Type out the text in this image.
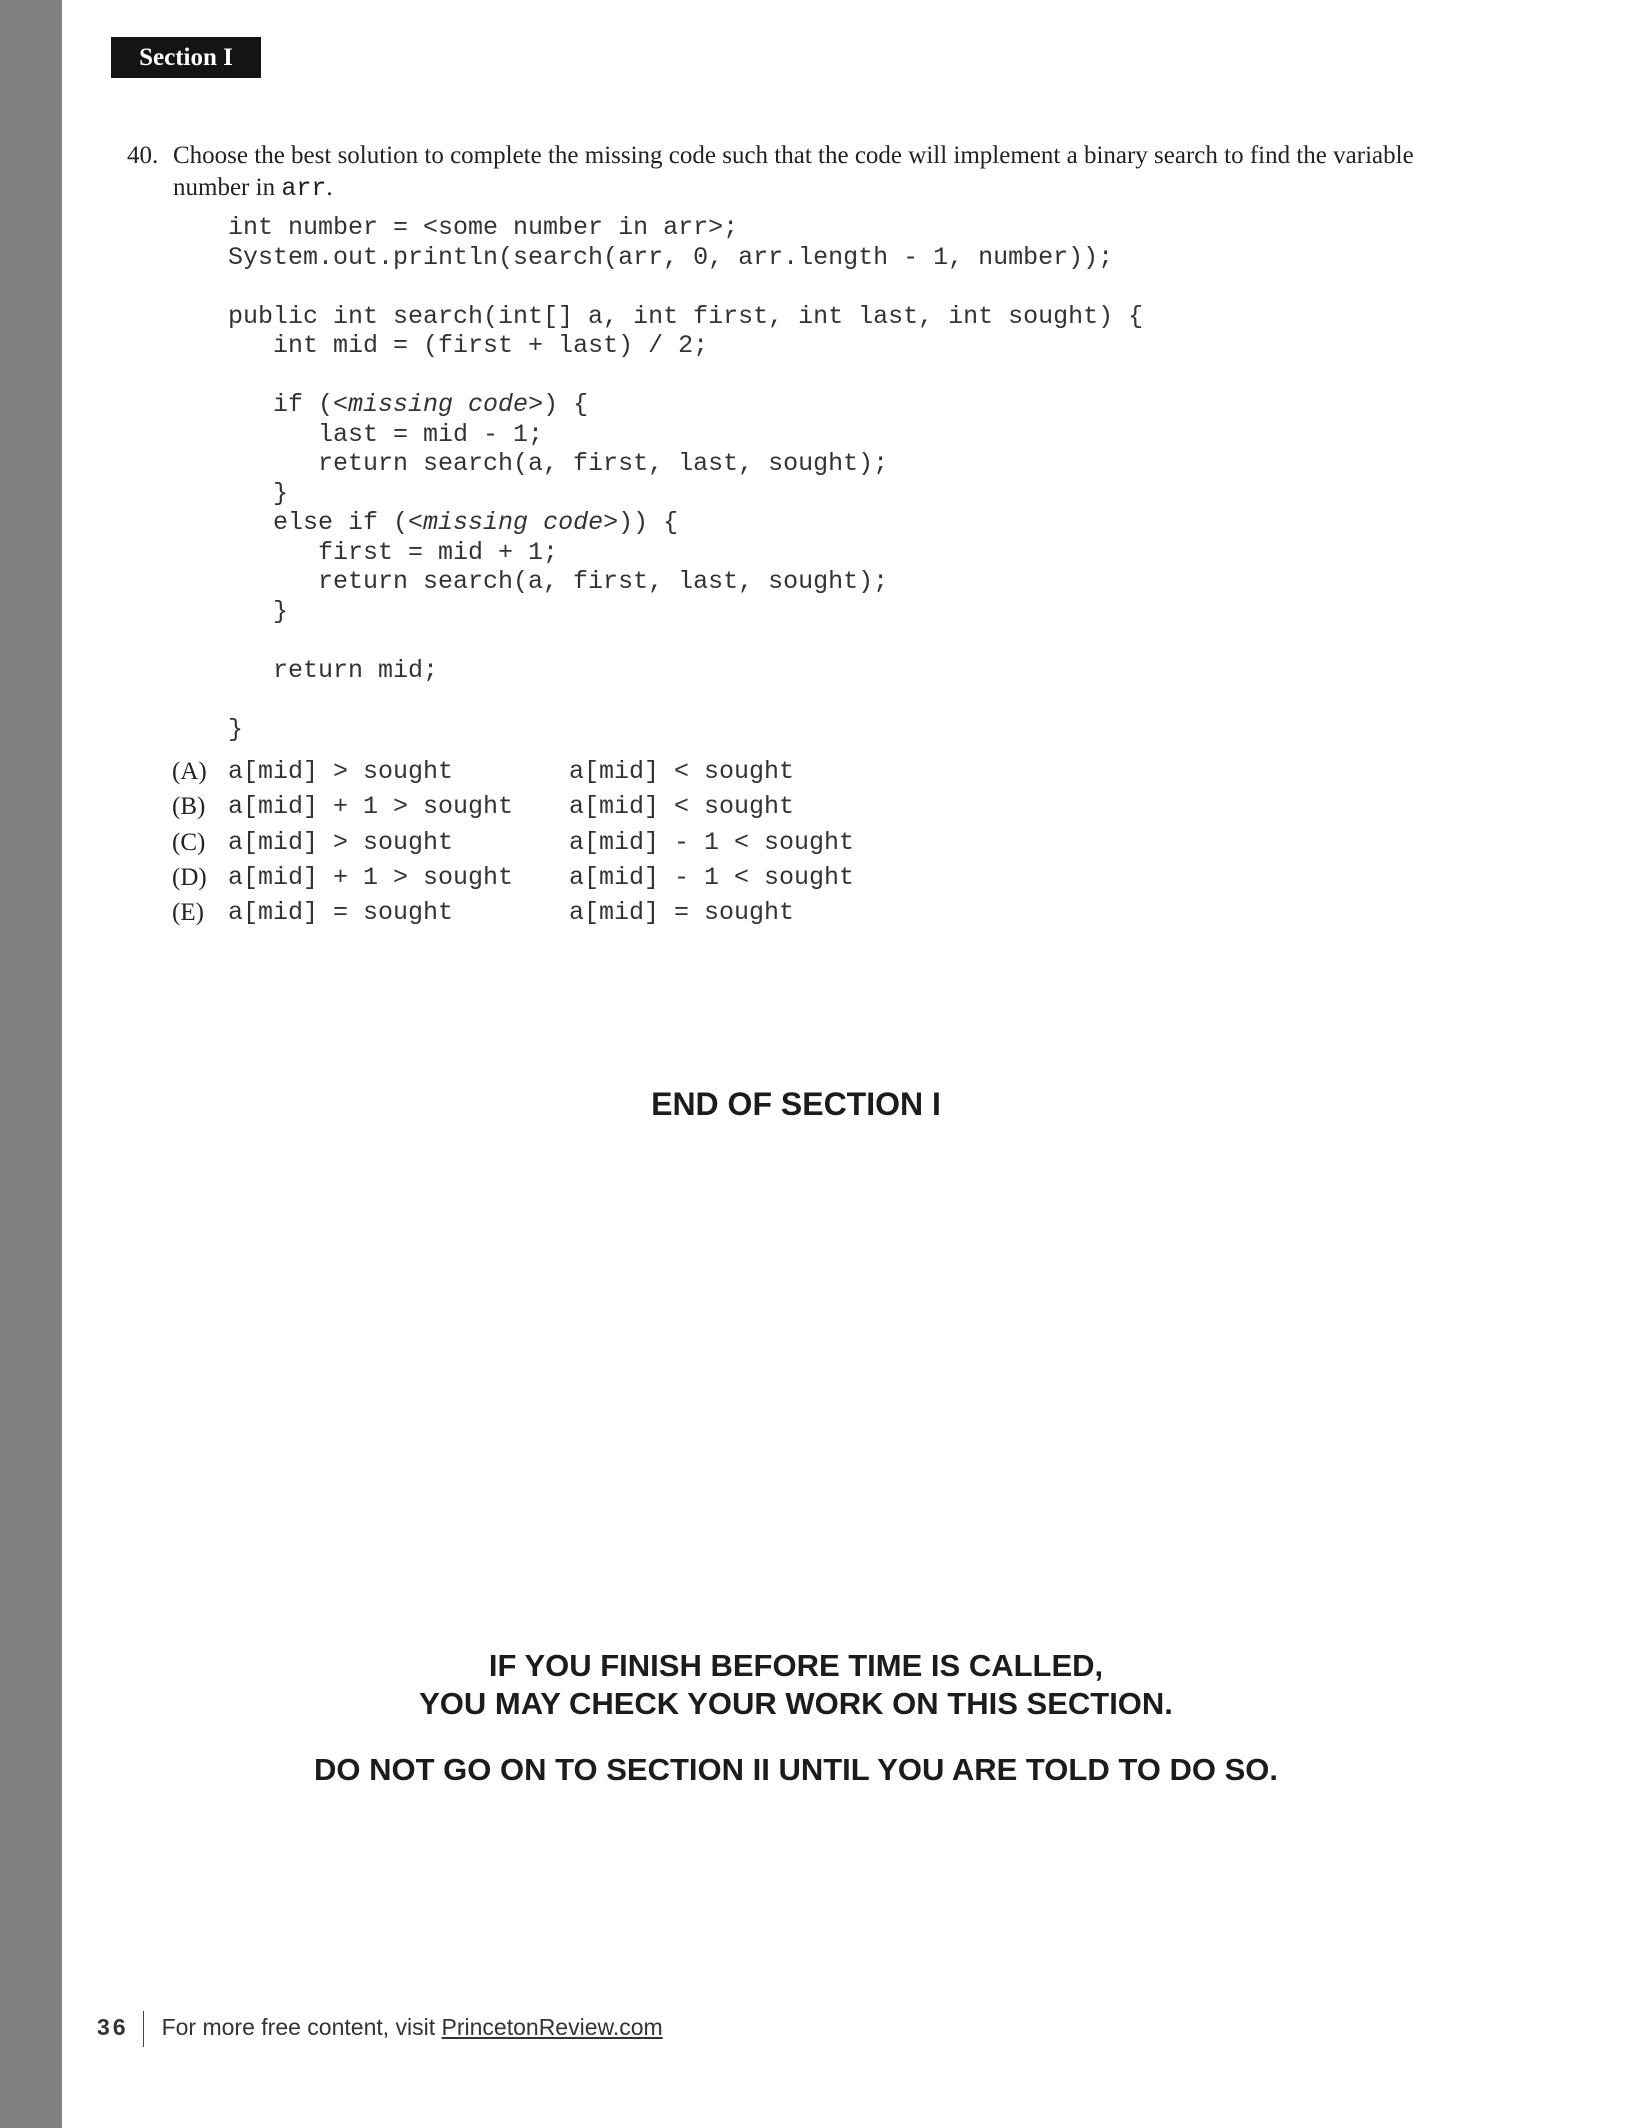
Section I
40. Choose the best solution to complete the missing code such that the code will implement a binary search to find the variable number in arr.
int number = <some number in arr>;
System.out.println(search(arr, 0, arr.length - 1, number));
public int search(int[] a, int first, int last, int sought) {
int mid = (first + last) / 2;
if (<missing code>) {
last = mid - 1;
return search(a, first, last, sought);
}
else if (<missing code>)) {
first = mid + 1;
return search(a, first, last, sought);
}
return mid;
}
(A) a[mid] > sought	a[mid] < sought
(B) a[mid] + 1 > sought a[mid] < sought
(C) a[mid] > sought	a[mid] - 1 < sought
(D) a[mid] + 1 > sought a[mid] - 1 < sought
(E) a[mid] = sought	a[mid] = sought
END OF SECTION I
IF YOU FINISH BEFORE TIME IS CALLED,
YOU MAY CHECK YOUR WORK ON THIS SECTION.
DO NOT GO ON TO SECTION II UNTIL YOU ARE TOLD TO DO SO.
36 For more free content, visit PrincetonReview.com
